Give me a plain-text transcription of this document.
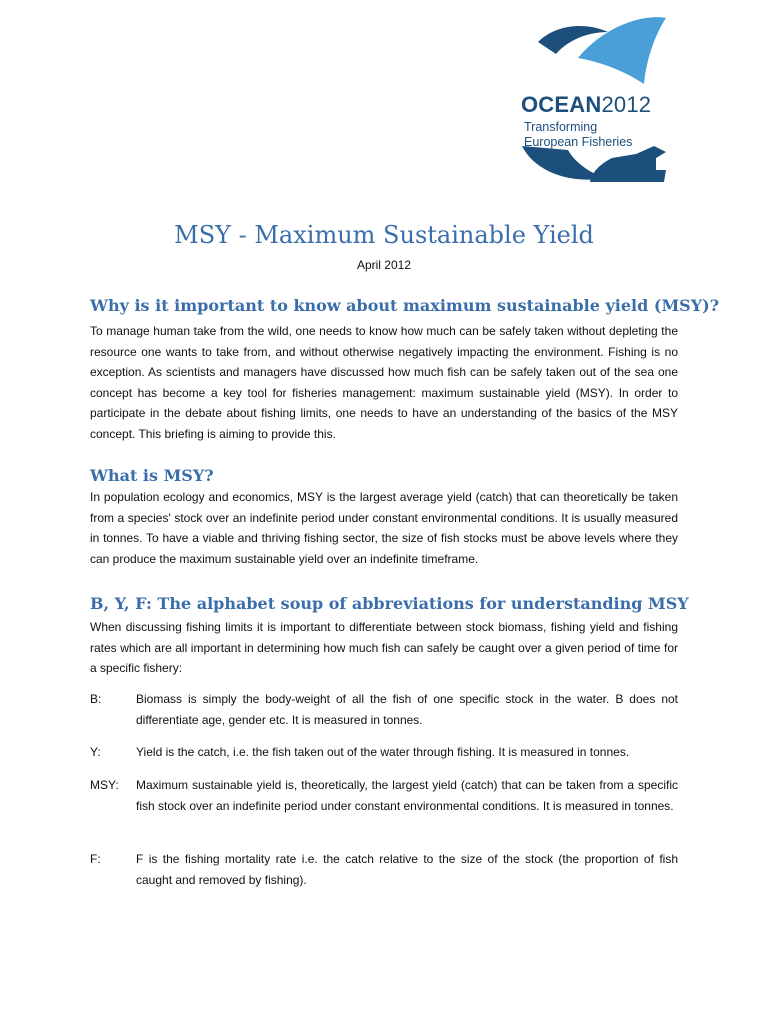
OCEAN2012
Transforming
European Fisheries
MSY - Maximum Sustainable Yield
April 2012
Why is it important to know about maximum sustainable yield (MSY)?

To manage human take from the wild, one needs to know how much can be safely taken without depleting the resource one wants to take from, and without otherwise negatively impacting the environment. Fishing is no exception. As scientists and managers have discussed how much fish can be safely taken out of the sea one concept has become a key tool for fisheries management: maximum sustainable yield (MSY). In order to participate in the debate about fishing limits, one needs to have an understanding of the basics of the MSY concept. This briefing is aiming to provide this.

What is MSY?

In population ecology and economics, MSY is the largest average yield (catch) that can theoretically be taken from a species' stock over an indefinite period under constant environmental conditions. It is usually measured in tonnes. To have a viable and thriving fishing sector, the size of fish stocks must be above levels where they can produce the maximum sustainable yield over an indefinite timeframe.

B, Y, F: The alphabet soup of abbreviations for understanding MSY

When discussing fishing limits it is important to differentiate between stock biomass, fishing yield and fishing rates which are all important in determining how much fish can safely be caught over a given period of time for a specific fishery:

B:	Biomass is simply the body-weight of all the fish of one specific stock in the water. B does not differentiate age, gender etc. It is measured in tonnes.

Y:	Yield is the catch, i.e. the fish taken out of the water through fishing. It is measured in tonnes.

MSY: Maximum sustainable yield is, theoretically, the largest yield (catch) that can be taken from a specific fish stock over an indefinite period under constant environmental conditions. It is measured in tonnes.

F:	F is the fishing mortality rate i.e. the catch relative to the size of the stock (the proportion of fish caught and removed by fishing).
